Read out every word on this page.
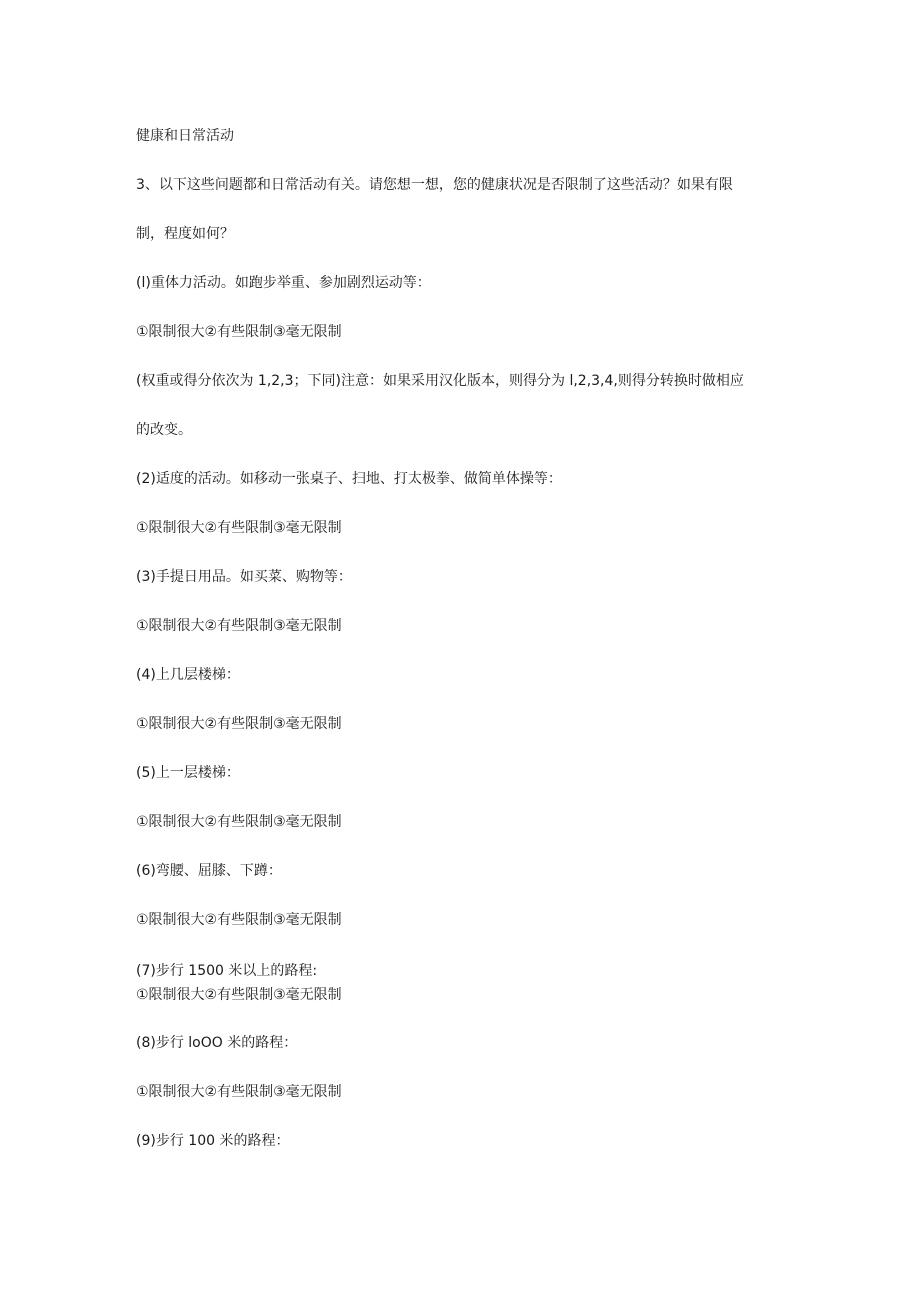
健康和日常活动

3、以下这些问题都和日常活动有关。请您想一想，您的健康状况是否限制了这些活动？如果有限

制，程度如何？

(l)重体力活动。如跑步举重、参加剧烈运动等：

①限制很大②有些限制③毫无限制

(权重或得分依次为 1,2,3；下同)注意：如果采用汉化版本，则得分为 l,2,3,4,则得分转换时做相应

的改变。

(2)适度的活动。如移动一张桌子、扫地、打太极拳、做简单体操等：

①限制很大②有些限制③毫无限制

(3)手提日用品。如买菜、购物等：

①限制很大②有些限制③毫无限制

(4)上几层楼梯：

①限制很大②有些限制③毫无限制

(5)上一层楼梯：

①限制很大②有些限制③毫无限制

(6)弯腰、屈膝、下蹲：

①限制很大②有些限制③毫无限制

(7)步行 1500 米以上的路程:

①限制很大②有些限制③毫无限制

(8)步行 loOO 米的路程：

①限制很大②有些限制③毫无限制

(9)步行 100 米的路程：
